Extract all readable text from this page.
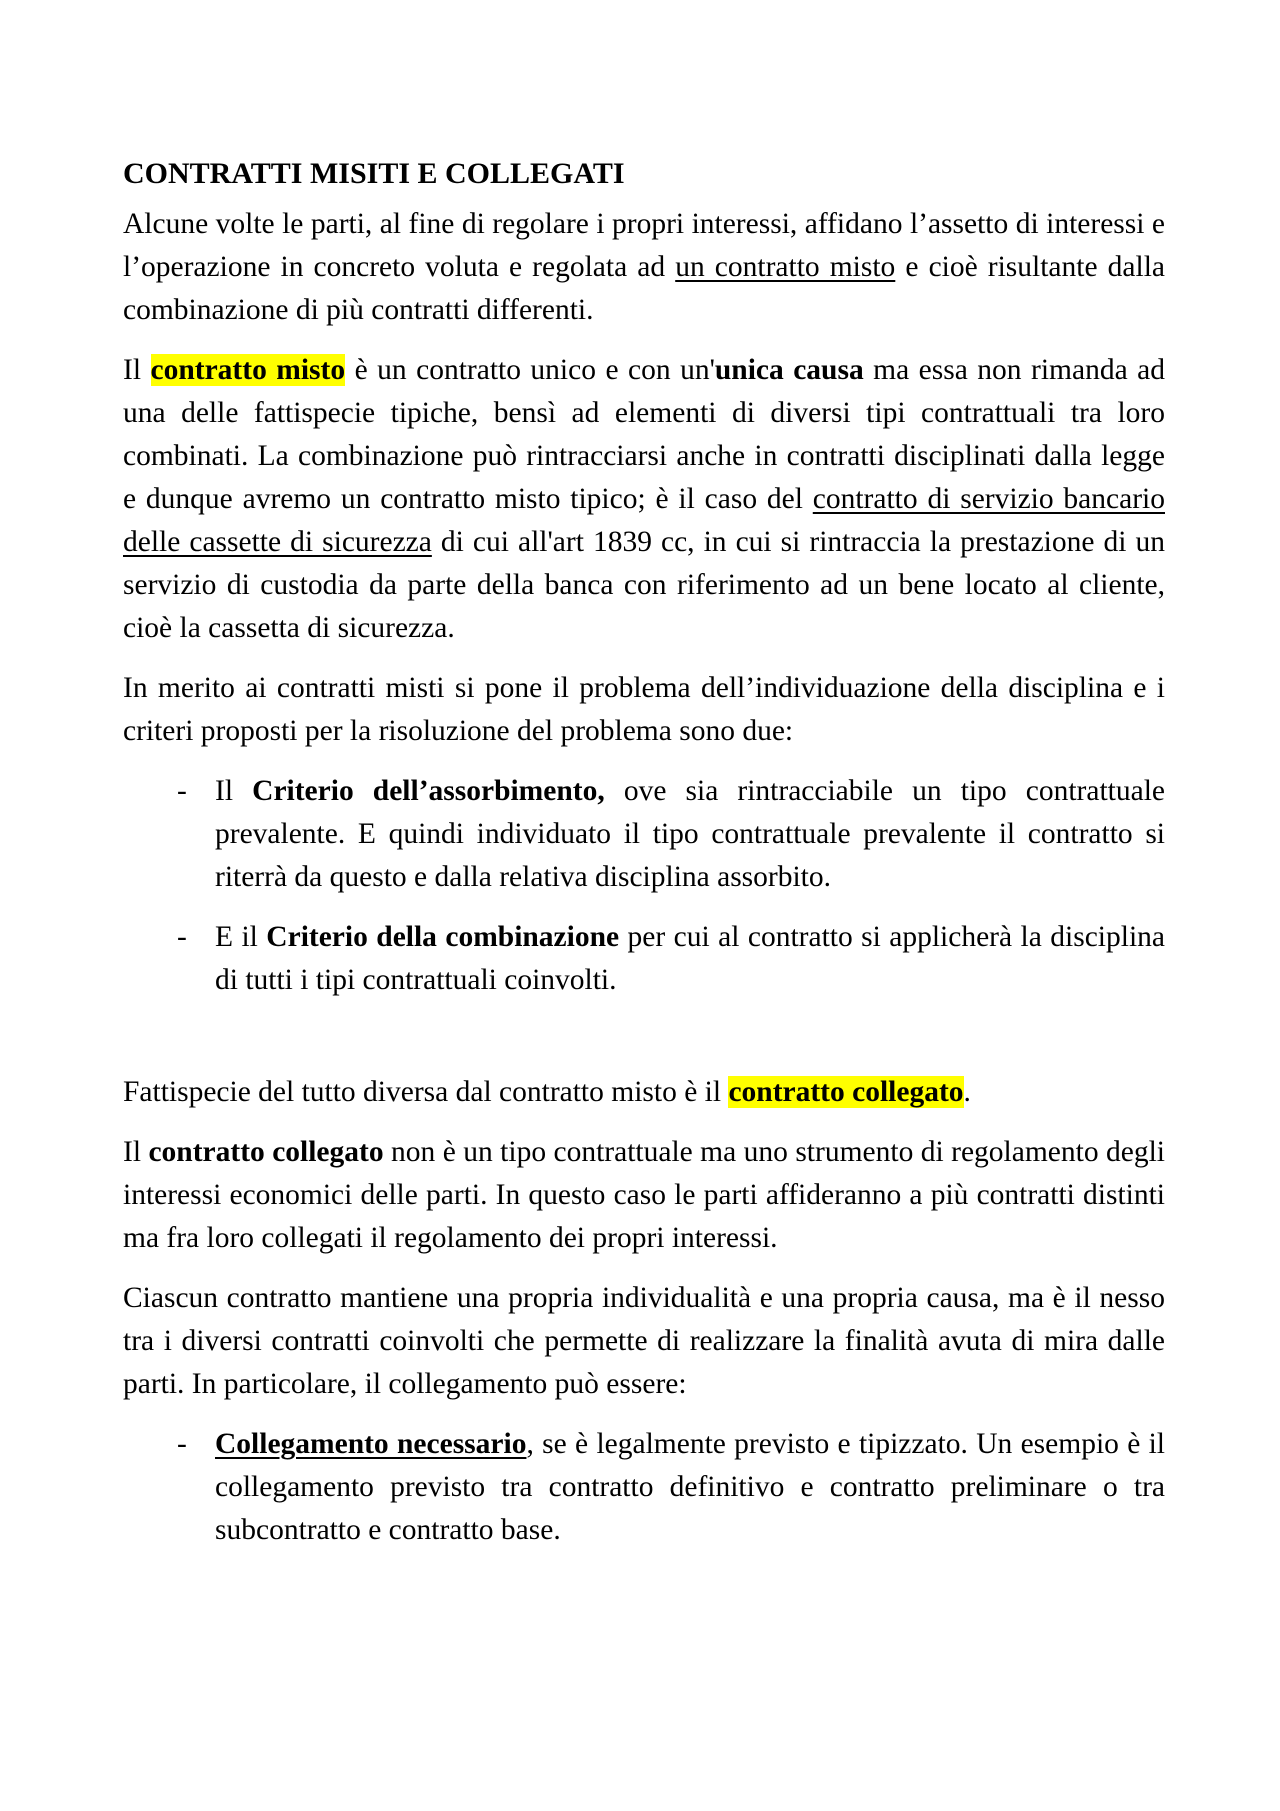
CONTRATTI MISITI E COLLEGATI

Alcune volte le parti, al fine di regolare i propri interessi, affidano l’assetto di interessi e l’operazione in concreto voluta e regolata ad un contratto misto e cioè risultante dalla combinazione di più contratti differenti.

Il contratto misto è un contratto unico e con un'unica causa ma essa non rimanda ad una delle fattispecie tipiche, bensì ad elementi di diversi tipi contrattuali tra loro combinati. La combinazione può rintracciarsi anche in contratti disciplinati dalla legge e dunque avremo un contratto misto tipico; è il caso del contratto di servizio bancario delle cassette di sicurezza di cui all'art 1839 cc, in cui si rintraccia la prestazione di un servizio di custodia da parte della banca con riferimento ad un bene locato al cliente, cioè la cassetta di sicurezza.

In merito ai contratti misti si pone il problema dell’individuazione della disciplina e i criteri proposti per la risoluzione del problema sono due:

- Il Criterio dell’assorbimento, ove sia rintracciabile un tipo contrattuale prevalente. E quindi individuato il tipo contrattuale prevalente il contratto si riterrà da questo e dalla relativa disciplina assorbito.
- E il Criterio della combinazione per cui al contratto si applicherà la disciplina di tutti i tipi contrattuali coinvolti.

Fattispecie del tutto diversa dal contratto misto è il contratto collegato.

Il contratto collegato non è un tipo contrattuale ma uno strumento di regolamento degli interessi economici delle parti. In questo caso le parti affideranno a più contratti distinti ma fra loro collegati il regolamento dei propri interessi.

Ciascun contratto mantiene una propria individualità e una propria causa, ma è il nesso tra i diversi contratti coinvolti che permette di realizzare la finalità avuta di mira dalle parti. In particolare, il collegamento può essere:

- Collegamento necessario, se è legalmente previsto e tipizzato. Un esempio è il collegamento previsto tra contratto definitivo e contratto preliminare o tra subcontratto e contratto base.
